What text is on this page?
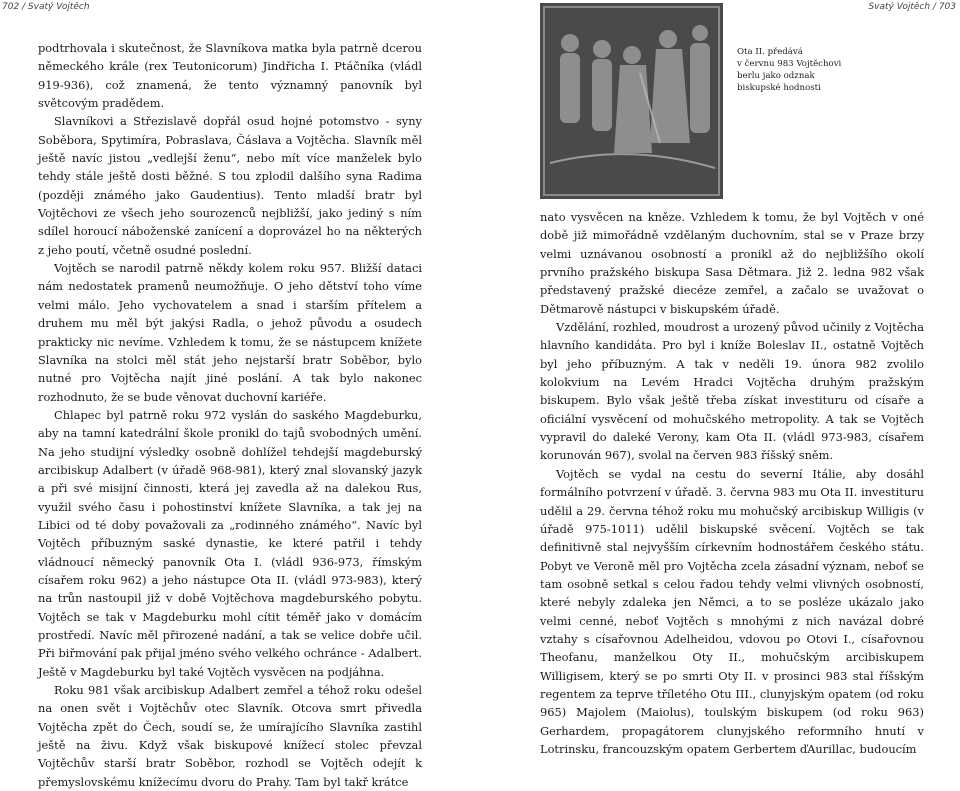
702 / Svatý Vojtěch

podtrhovala i skutečnost, že Slavníkova matka byla patrně dcerou německého krále (rex Teutonicorum) Jindřicha I. Ptáčníka (vládl 919-936), což znamená, že tento významný panovník byl světcovým pradědem.

Slavníkovi a Střezislavě dopřál osud hojné potomstvo - syny Soběbora, Spytimíra, Pobraslava, Čáslava a Vojtěcha. Slavník měl ještě navíc jistou „vedlejší ženu“, nebo mít více manželek bylo tehdy stále ještě dosti běžné. S tou zplodil dalšího syna Radima (později známého jako Gaudentius). Tento mladší bratr byl Vojtěchovi ze všech jeho sourozenců nejbližší, jako jediný s ním sdílel horoucí náboženské zanícení a doprovázel ho na některých z jeho poutí, včetně osudné poslední.

Vojtěch se narodil patrně někdy kolem roku 957. Bližší dataci nám nedostatek pramenů neumožňuje. O jeho dětství toho víme velmi málo. Jeho vychovatelem a snad i starším přítelem a druhem mu měl být jakýsi Radla, o jehož původu a osudech prakticky nic nevíme. Vzhledem k tomu, že se nástupcem knížete Slavníka na stolci měl stát jeho nejstarší bratr Soběbor, bylo nutné pro Vojtěcha najít jiné poslání. A tak bylo nakonec rozhodnuto, že se bude věnovat duchovní kariéře.

Chlapec byl patrně roku 972 vyslán do saského Magdeburku, aby na tamní katedrální škole pronikl do tajů svobodných umění. Na jeho studijní výsledky osobně dohlížel tehdejší magdeburský arcibiskup Adalbert (v úřadě 968-981), který znal slovanský jazyk a při své misijní činnosti, která jej zavedla až na dalekou Rus, využil svého času i pohostinství knížete Slavníka, a tak jej na Libici od té doby považovali za „rodinného známého“. Navíc byl Vojtěch příbuzným saské dynastie, ke které patřil i tehdy vládnoucí německý panovník Ota I. (vládl 936-973, římským císařem roku 962) a jeho nástupce Ota II. (vládl 973-983), který na trůn nastoupil již v době Vojtěchova magdeburského pobytu. Vojtěch se tak v Magdeburku mohl cítit téměř jako v domácím prostředí. Navíc měl přirozené nadání, a tak se velice dobře učil. Při biřmování pak přijal jméno svého velkého ochránce - Adalbert. Ještě v Magdeburku byl také Vojtěch vysvěcen na podjáhna.

Roku 981 však arcibiskup Adalbert zemřel a téhož roku odešel na onen svět i Vojtěchův otec Slavník. Otcova smrt přivedla Vojtěcha zpět do Čech, soudí se, že umírajícího Slavníka zastihl ještě na živu. Když však biskupové knížecí stolec převzal Vojtěchův starší bratr Soběbor, rozhodl se Vojtěch odejít k přemyslovskému knížecímu dvoru do Prahy. Tam byl takř krátce

Svatý Vojtěch / 703

nato vysvěcen na kněze. Vzhledem k tomu, že byl Vojtěch v oné době již mimořádně vzdělaným duchovním, stal se v Praze brzy velmi uznávanou osobností a pronikl až do nejbližšího okolí prvního pražského biskupa Sasa Dětmara. Již 2. ledna 982 však představený pražské diecéze zemřel, a začalo se uvažovat o Dětmarově nástupci v biskupském úřadě.

Vzdělání, rozhled, moudrost a urozený původ učinily z Vojtěcha hlavního kandidáta. Pro byl i kníže Boleslav II., ostatně Vojtěch byl jeho příbuzným. A tak v neděli 19. února 982 zvolilo kolokvium na Levém Hradci Vojtěcha druhým pražským biskupem. Bylo však ještě třeba získat investituru od císaře a oficiální vysvěcení od mohučského metropolity. A tak se Vojtěch vypravil do daleké Verony, kam Ota II. (vládl 973-983, císařem korunován 967), svolal na červen 983 říšský sněm.

Vojtěch se vydal na cestu do severní Itálie, aby dosáhl formálního potvrzení v úřadě. 3. června 983 mu Ota II. investituru udělil a 29. června téhož roku mu mohučský arcibiskup Willigis (v úřadě 975-1011) udělil biskupské svěcení. Vojtěch se tak definitivně stal nejvyšším církevním hodnostářem českého státu. Pobyt ve Veroně měl pro Vojtěcha zcela zásadní význam, neboť se tam osobně setkal s celou řadou tehdy velmi vlivných osobností, které nebyly zdaleka jen Němci, a to se posléze ukázalo jako velmi cenné, neboť Vojtěch s mnohými z nich navázal dobré vztahy s císařovnou Adelheidou, vdovou po Otovi I., císařovnou Theofanu, manželkou Oty II., mohučským arcibiskupem Willigisem, který se po smrti Oty II. v prosinci 983 stal říšským regentem za teprve tříletého Otu III., clunyjským opatem (od roku 965) Majolem (Maiolus), toulským biskupem (od roku 963) Gerhardem, propagátorem clunyjského reformního hnutí v Lotrinsku, francouzským opatem Gerbertem ďAurillac, budoucím

Ota II. předává
v červnu 983 Vojtěchovi
berlu jako odznak
biskupské hodnosti
